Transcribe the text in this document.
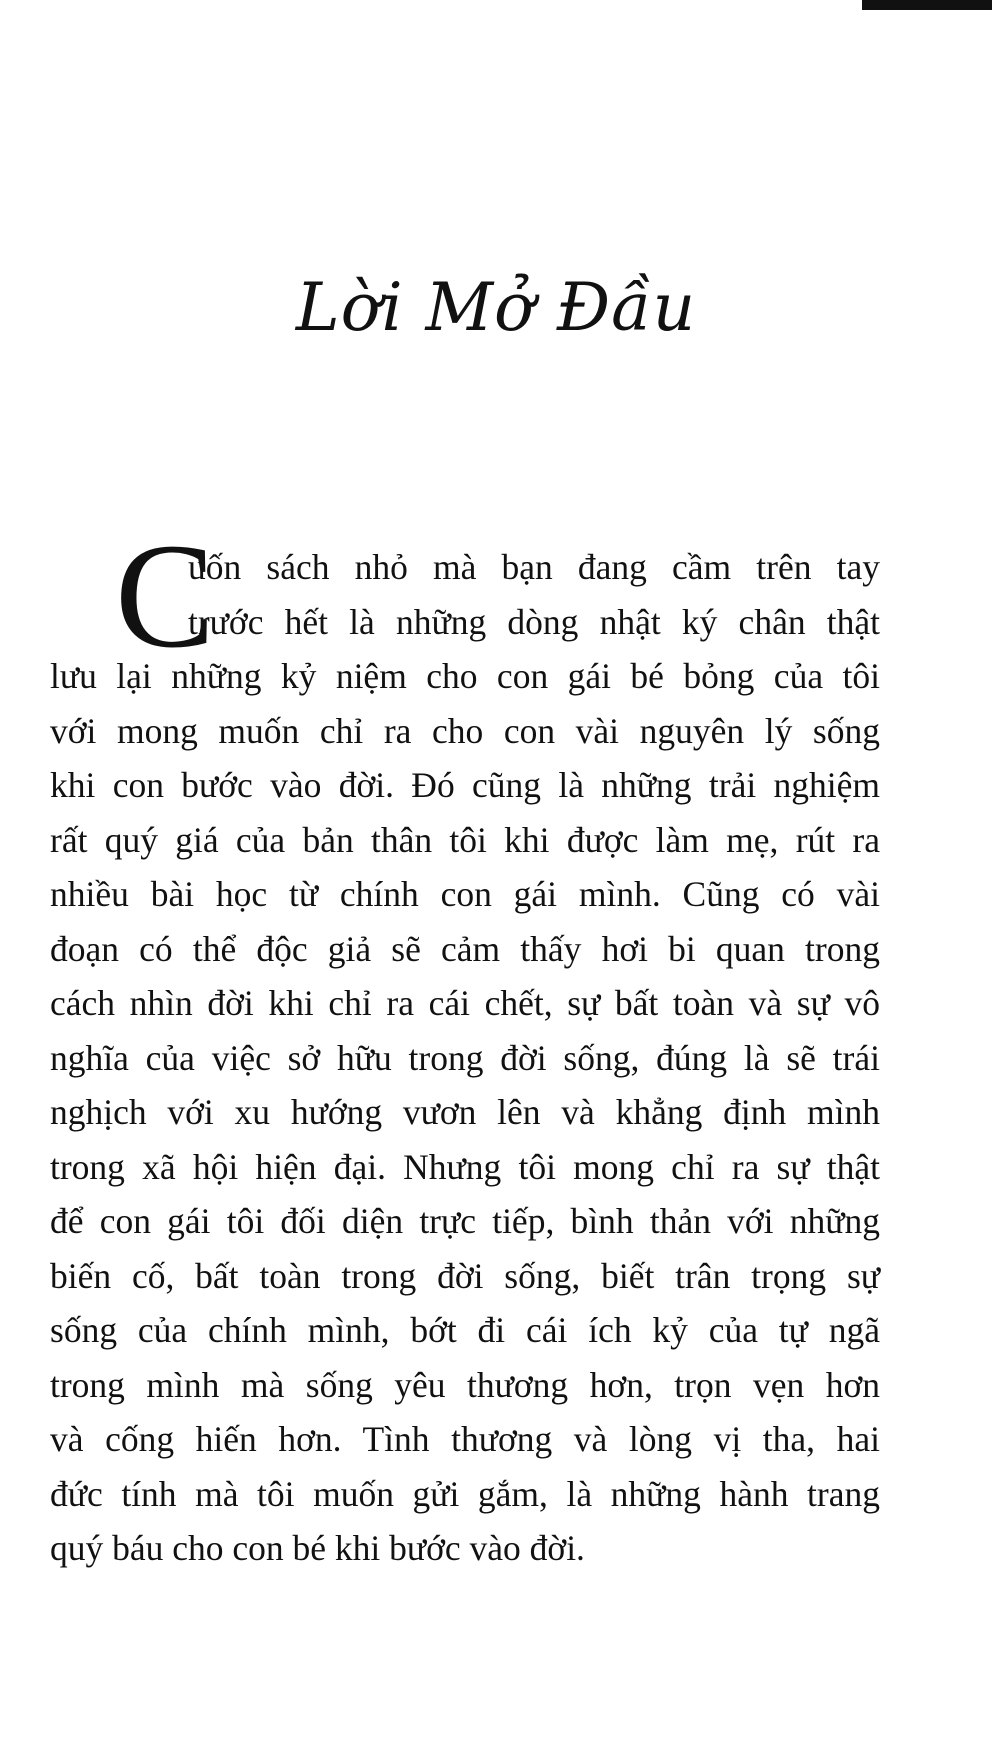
Lời Mở Đầu
C
uốn sách nhỏ mà bạn đang cầm trên tay
trước hết là những dòng nhật ký chân thật
lưu lại những kỷ niệm cho con gái bé bỏng của tôi
với mong muốn chỉ ra cho con vài nguyên lý sống
khi con bước vào đời. Đó cũng là những trải nghiệm
rất quý giá của bản thân tôi khi được làm mẹ, rút ra
nhiều bài học từ chính con gái mình. Cũng có vài
đoạn có thể độc giả sẽ cảm thấy hơi bi quan trong
cách nhìn đời khi chỉ ra cái chết, sự bất toàn và sự vô
nghĩa của việc sở hữu trong đời sống, đúng là sẽ trái
nghịch với xu hướng vươn lên và khẳng định mình
trong xã hội hiện đại. Nhưng tôi mong chỉ ra sự thật
để con gái tôi đối diện trực tiếp, bình thản với những
biến cố, bất toàn trong đời sống, biết trân trọng sự
sống của chính mình, bớt đi cái ích kỷ của tự ngã
trong mình mà sống yêu thương hơn, trọn vẹn hơn
và cống hiến hơn. Tình thương và lòng vị tha, hai
đức tính mà tôi muốn gửi gắm, là những hành trang
quý báu cho con bé khi bước vào đời.
